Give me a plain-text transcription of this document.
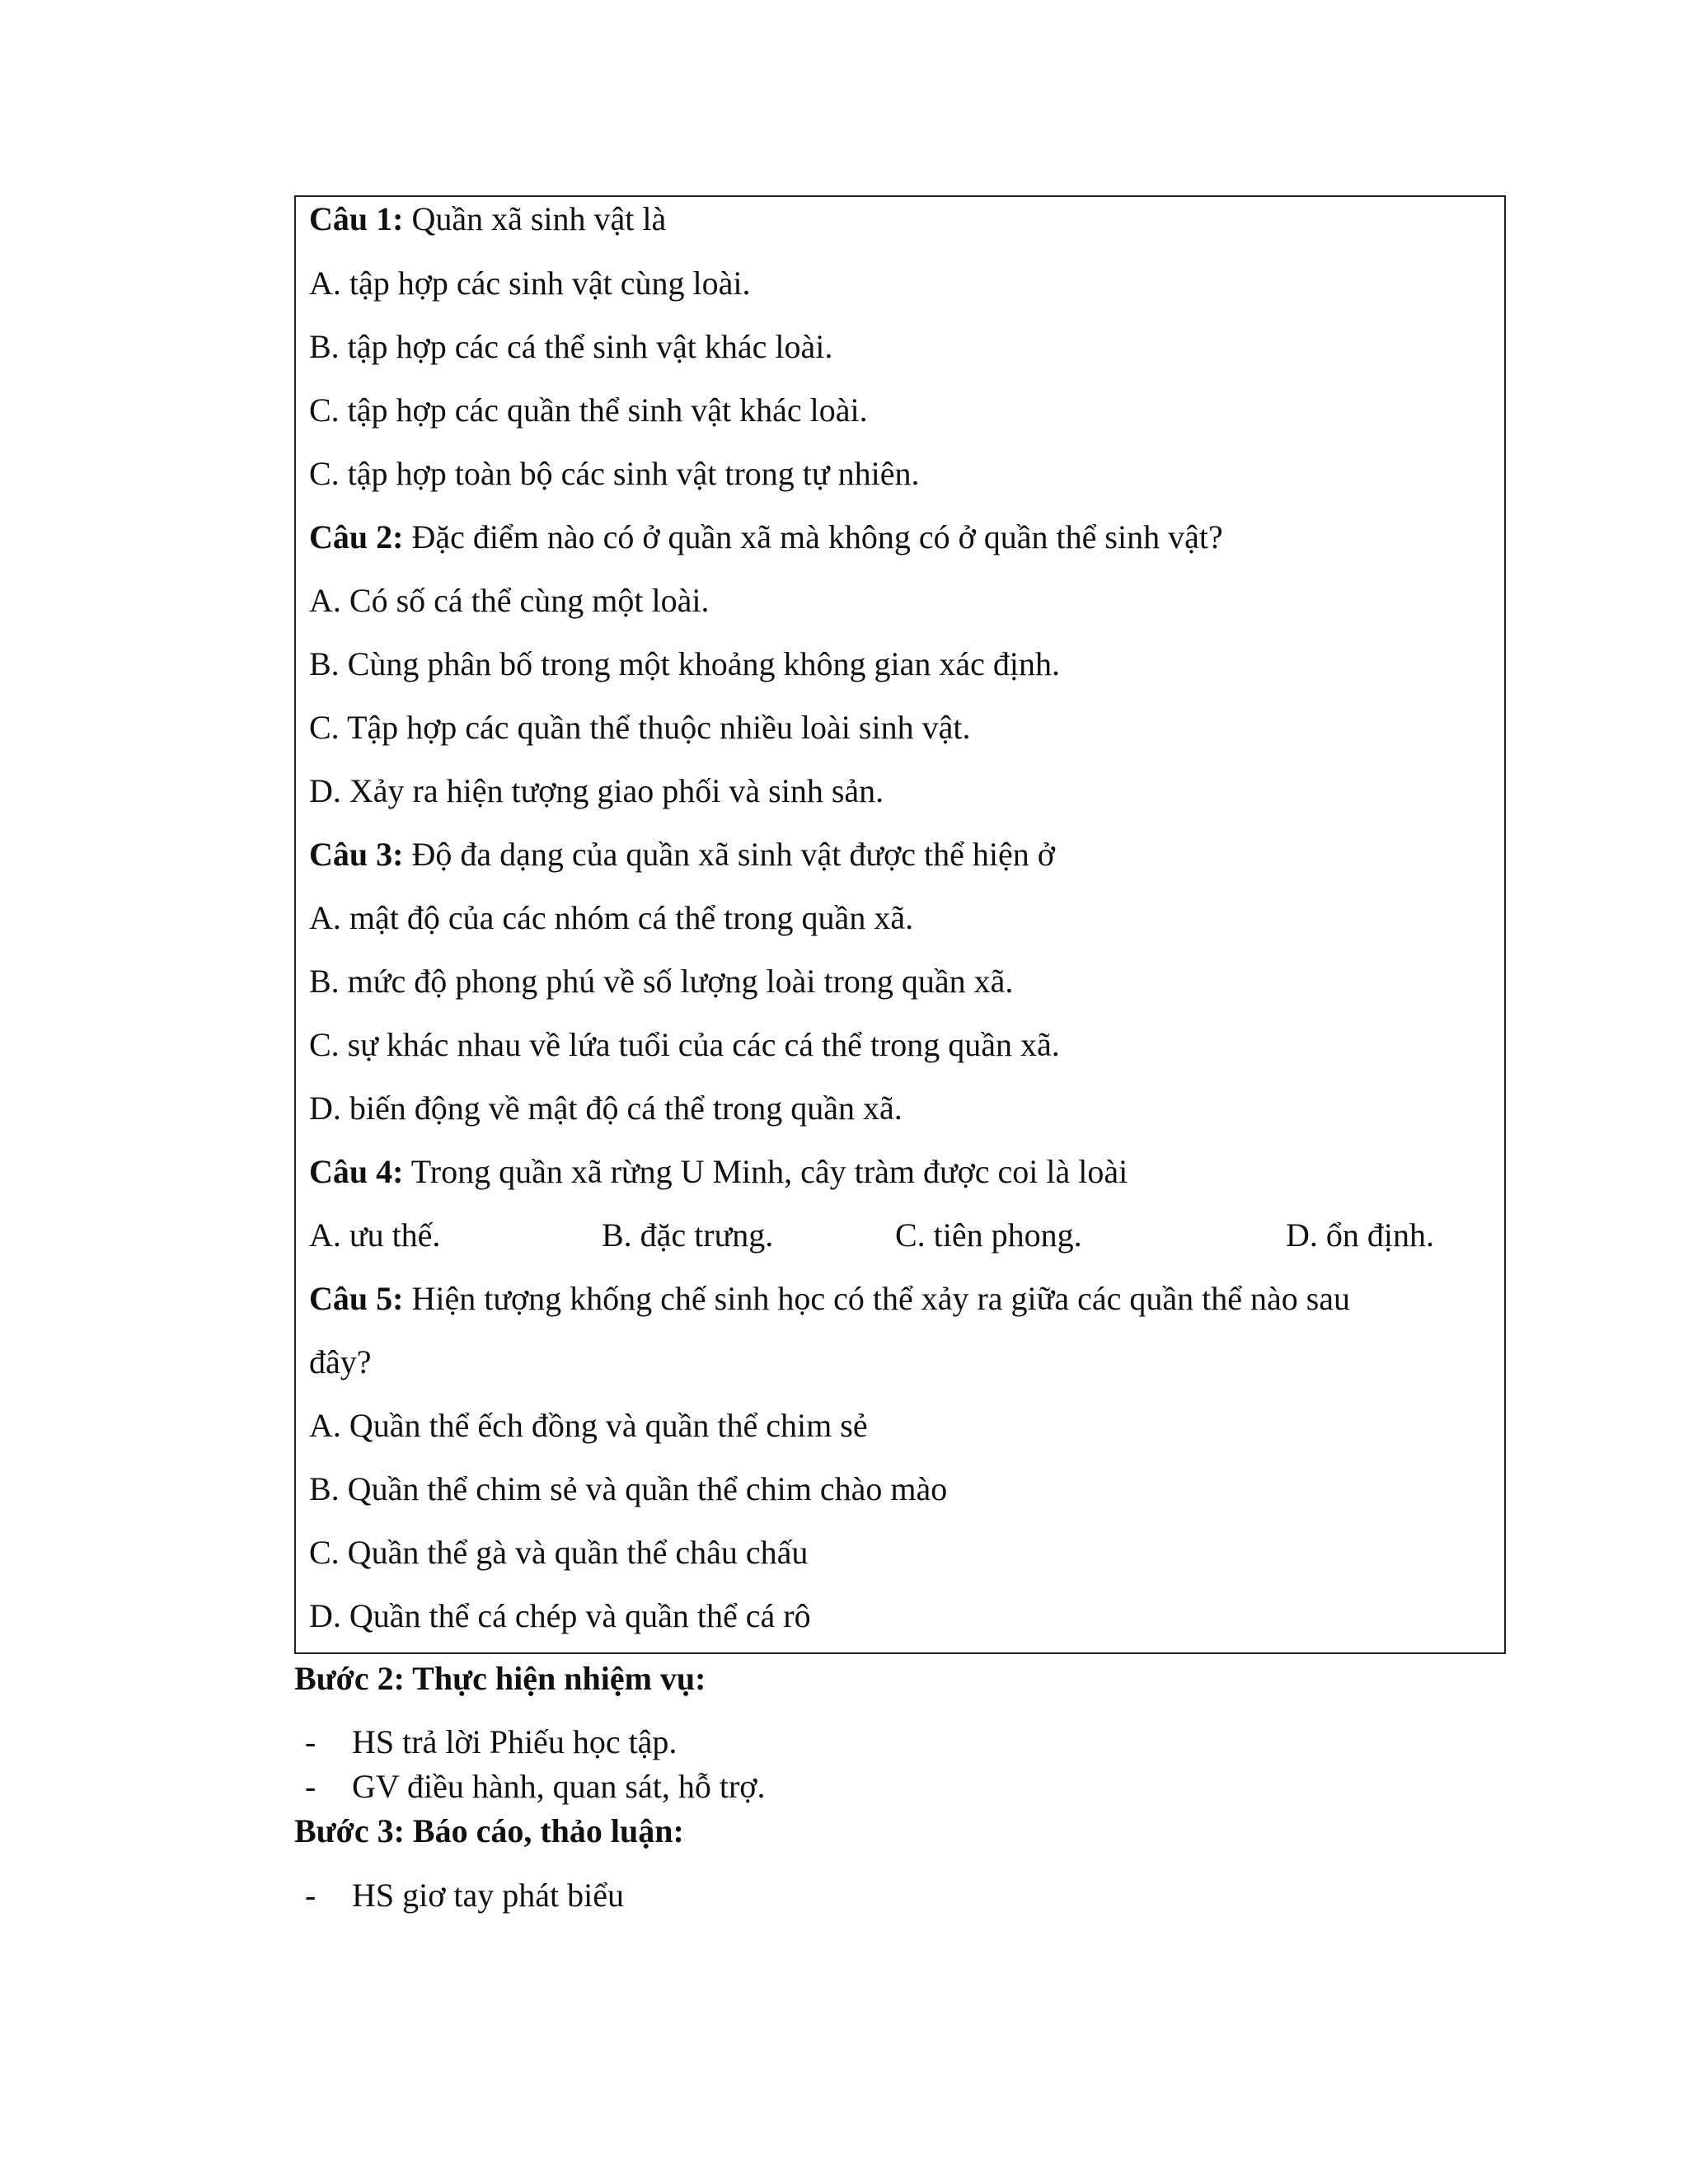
Câu 1: Quần xã sinh vật là
A. tập hợp các sinh vật cùng loài.
B. tập hợp các cá thể sinh vật khác loài.
C. tập hợp các quần thể sinh vật khác loài.
C. tập hợp toàn bộ các sinh vật trong tự nhiên.
Câu 2: Đặc điểm nào có ở quần xã mà không có ở quần thể sinh vật?
A. Có số cá thể cùng một loài.
B. Cùng phân bố trong một khoảng không gian xác định.
C. Tập hợp các quần thể thuộc nhiều loài sinh vật.
D. Xảy ra hiện tượng giao phối và sinh sản.
Câu 3: Độ đa dạng của quần xã sinh vật được thể hiện ở
A. mật độ của các nhóm cá thể trong quần xã.
B. mức độ phong phú về số lượng loài trong quần xã.
C. sự khác nhau về lứa tuổi của các cá thể trong quần xã.
D. biến động về mật độ cá thể trong quần xã.
Câu 4: Trong quần xã rừng U Minh, cây tràm được coi là loài
A. ưu thế.	B. đặc trưng.	C. tiên phong.	D. ổn định.
Câu 5: Hiện tượng khống chế sinh học có thể xảy ra giữa các quần thể nào sau
đây?
A. Quần thể ếch đồng và quần thể chim sẻ
B. Quần thể chim sẻ và quần thể chim chào mào
C. Quần thể gà và quần thể châu chấu
D. Quần thể cá chép và quần thể cá rô
Bước 2: Thực hiện nhiệm vụ:
- HS trả lời Phiếu học tập.
- GV điều hành, quan sát, hỗ trợ.
Bước 3: Báo cáo, thảo luận:
- HS giơ tay phát biểu
